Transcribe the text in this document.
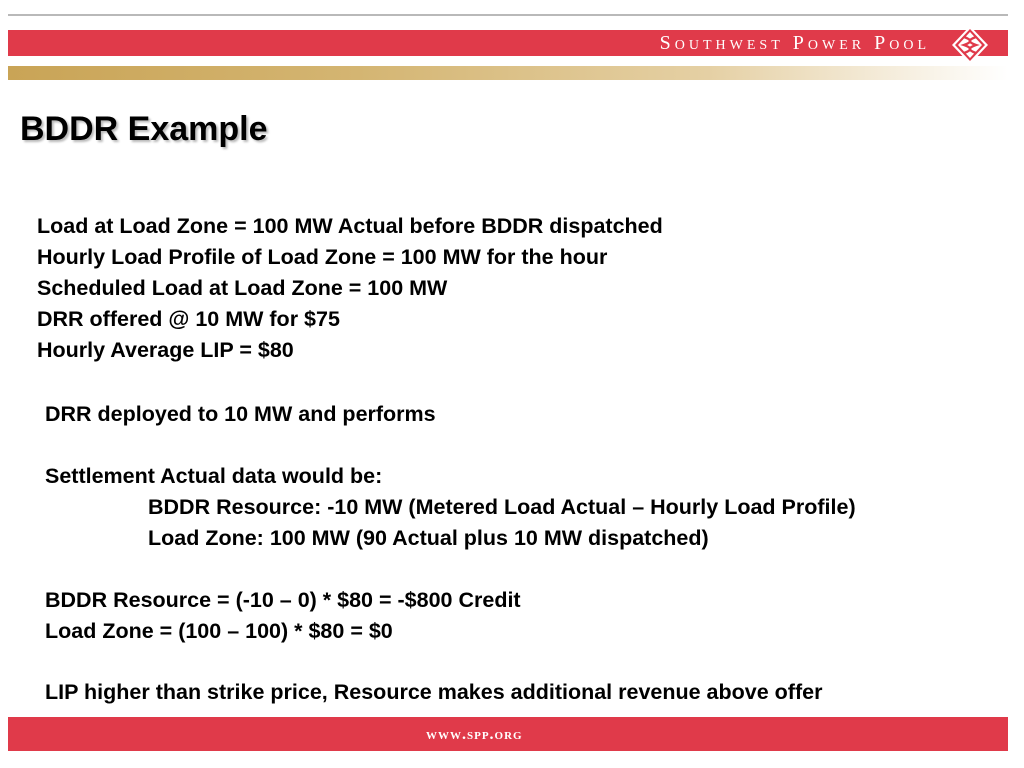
Southwest Power Pool
BDDR Example
Load at Load Zone = 100 MW Actual before BDDR dispatched
Hourly Load Profile of Load Zone = 100 MW for the hour
Scheduled Load at Load Zone = 100 MW
DRR offered @ 10 MW for $75
Hourly Average LIP = $80
DRR deployed to 10 MW and performs
Settlement Actual data would be:
BDDR Resource: -10 MW (Metered Load Actual – Hourly Load Profile)
Load Zone: 100 MW (90 Actual plus 10 MW dispatched)
BDDR Resource = (-10 – 0) * $80 = -$800 Credit
Load Zone = (100 – 100) * $80 = $0
LIP higher than strike price, Resource makes additional revenue above offer
www.spp.org
